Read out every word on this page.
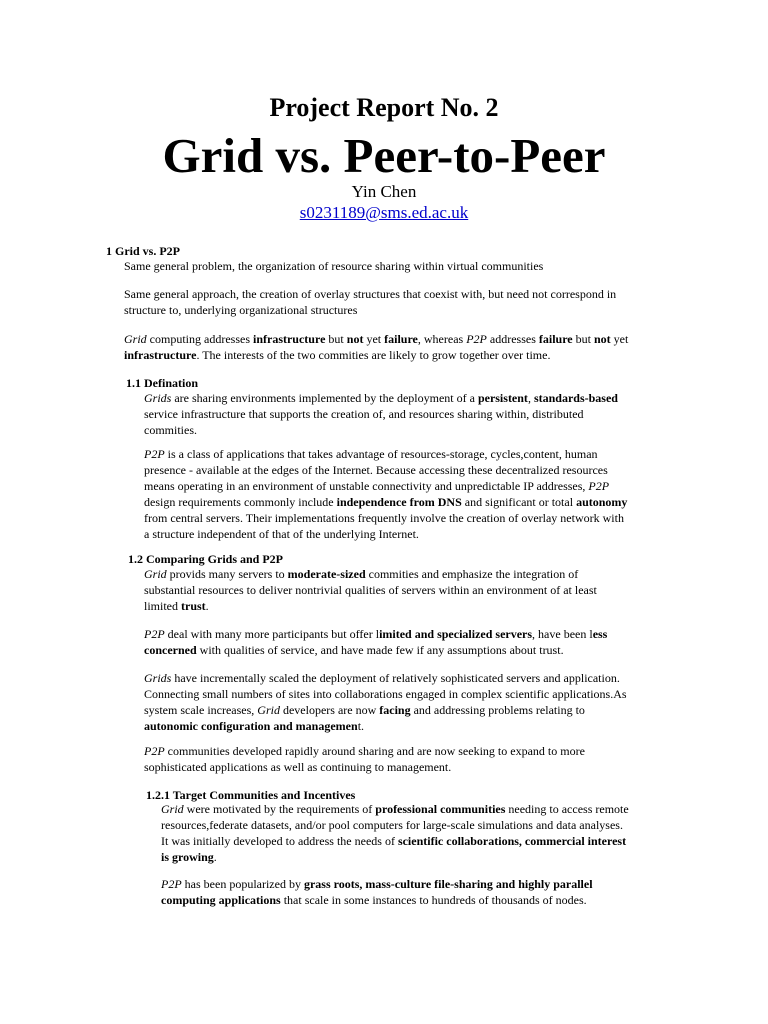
Project Report No. 2
Grid vs. Peer-to-Peer
Yin Chen
s0231189@sms.ed.ac.uk
1 Grid vs. P2P
Same general problem, the organization of resource sharing within virtual communities
Same general approach, the creation of overlay structures that coexist with, but need not correspond in
structure to, underlying organizational structures
Grid computing addresses infrastructure but not yet failure, whereas P2P addresses failure but not yet
infrastructure. The interests of the two commities are likely to grow together over time.
1.1 Defination
Grids are sharing environments implemented by the deployment of a persistent, standards-based
service infrastructure that supports the creation of, and resources sharing within, distributed
commities.
P2P is a class of applications that takes advantage of resources-storage, cycles,content, human
presence - available at the edges of the Internet. Because accessing these decentralized resources
means operating in an environment of unstable connectivity and unpredictable IP addresses, P2P
design requirements commonly include independence from DNS and significant or total autonomy
from central servers. Their implementations frequently involve the creation of overlay network with
a structure independent of that of the underlying Internet.
1.2 Comparing Grids and P2P
Grid provids many servers to moderate-sized commities and emphasize the integration of
substantial resources to deliver nontrivial qualities of servers within an environment of at least
limited trust.
P2P deal with many more participants but offer limited and specialized servers, have been less
concerned with qualities of service, and have made few if any assumptions about trust.
Grids have incrementally scaled the deployment of relatively sophisticated servers and application.
Connecting small numbers of sites into collaborations engaged in complex scientific applications.As
system scale increases, Grid developers are now facing and addressing problems relating to
autonomic configuration and management.
P2P communities developed rapidly around sharing and are now seeking to expand to more
sophisticated applications as well as continuing to management.
1.2.1 Target Communities and Incentives
Grid were motivated by the requirements of professional communities needing to access remote
resources,federate datasets, and/or pool computers for large-scale simulations and data analyses.
It was initially developed to address the needs of scientific collaborations, commercial interest
is growing.
P2P has been popularized by grass roots, mass-culture file-sharing and highly parallel
computing applications that scale in some instances to hundreds of thousands of nodes.
